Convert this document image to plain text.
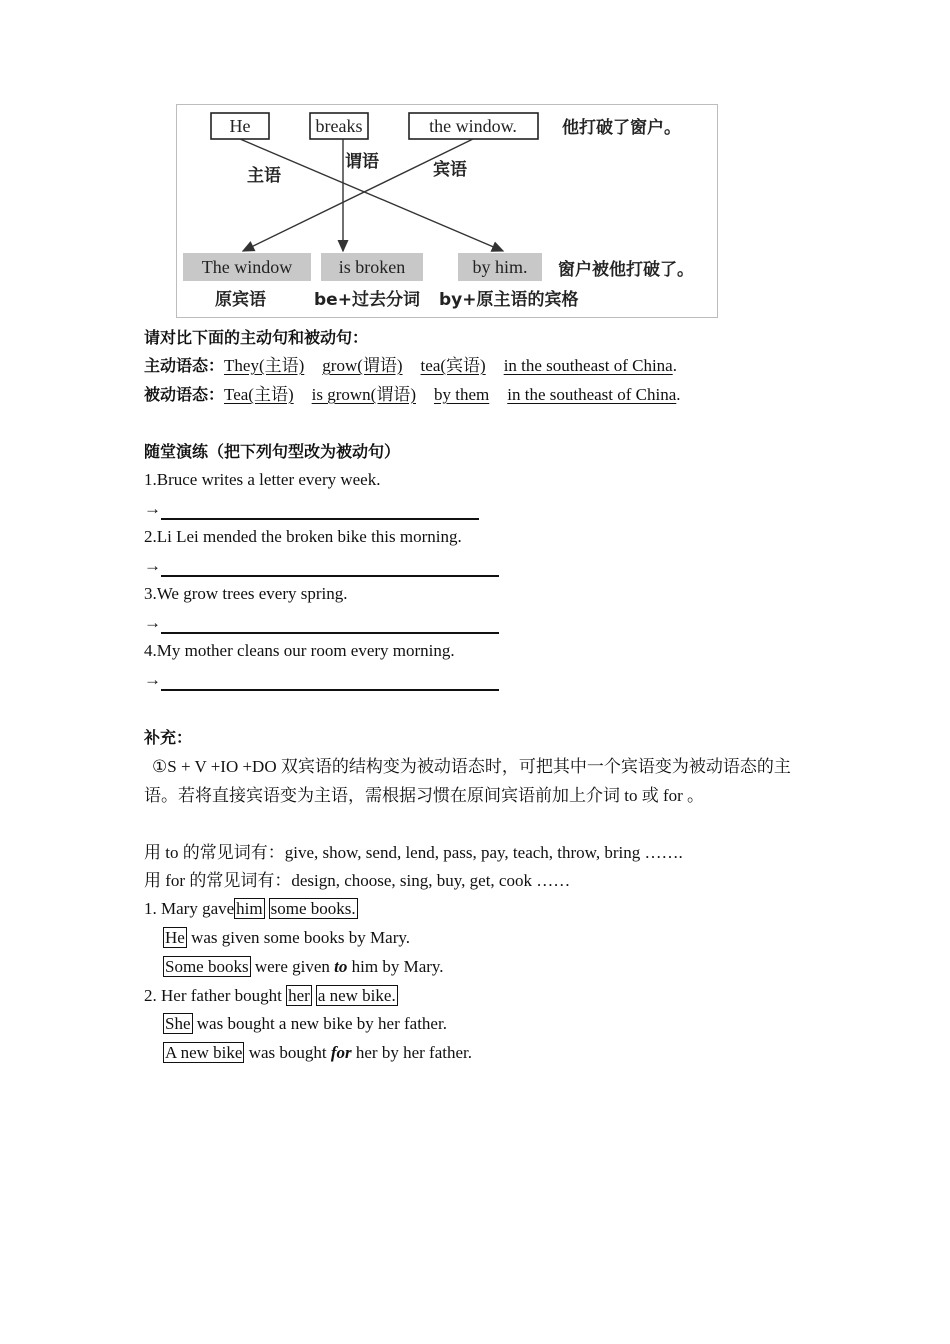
He	breaks	the window.	他打破了窗户。
主语
谓语	宾语
The window	is broken	by him. 窗户被他打破了。
原宾语	be+过去分词 by+原主语的宾格
请对比下面的主动句和被动句：
主动语态：They(主语) grow(谓语) tea(宾语) in the southeast of China.
被动语态：Tea(主语) is grown(谓语) by them in the southeast of China.
随堂演练（把下列句型改为被动句）
1.Bruce writes a letter every week.
→
2.Li Lei mended the broken bike this morning.
→
3.We grow trees every spring.
→
4.My mother cleans our room every morning.
→
补充：
①S + V +IO +DO 双宾语的结构变为被动语态时，可把其中一个宾语变为被动语态的主语。若将直接宾语变为主语，需根据习惯在原间宾语前加上介词 to 或 for 。
用 to 的常见词有：give, show, send, lend, pass, pay, teach, throw, bring …….
用 for 的常见词有：design, choose, sing, buy, get, cook ……
1. Mary gave him some books.
He was given some books by Mary.
Some books were given to him by Mary.
2. Her father bought her a new bike.
She was bought a new bike by her father.
A new bike was bought for her by her father.
